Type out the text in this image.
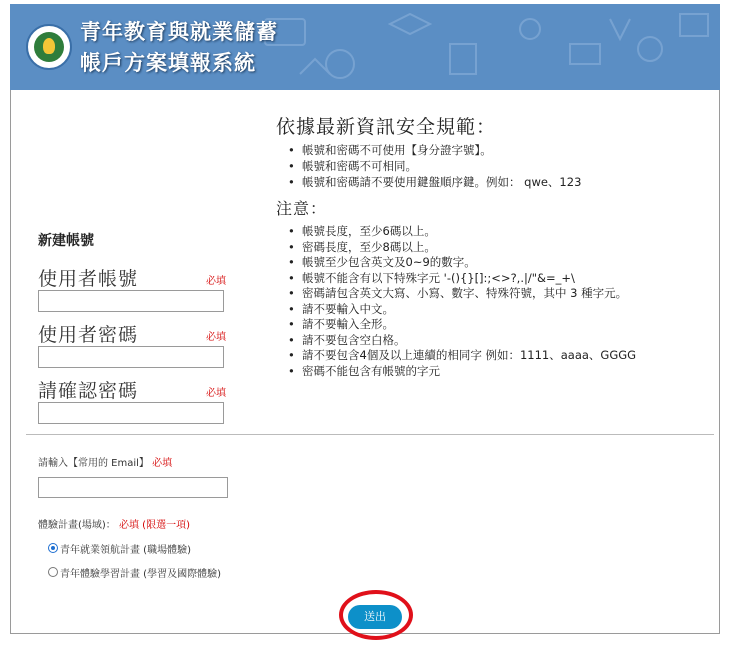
青年教育與就業儲蓄
帳戶方案填報系統
依據最新資訊安全規範：
• 帳號和密碼不可使用【身分證字號】。
• 帳號和密碼不可相同。
• 帳號和密碼請不要使用鍵盤順序鍵。例如： qwe、123
注意：
• 帳號長度，至少6碼以上。
• 密碼長度，至少8碼以上。
• 帳號至少包含英文及0~9的數字。
• 帳號不能含有以下特殊字元 '-(){}[]:;<>?,.|/"&=_+\
• 密碼請包含英文大寫、小寫、數字、特殊符號，其中 3 種字元。
• 請不要輸入中文。
• 請不要輸入全形。
• 請不要包含空白格。
• 請不要包含4個及以上連續的相同字 例如：1111、aaaa、GGGG
• 密碼不能包含有帳號的字元
新建帳號
使用者帳號	必填
使用者密碼	必填
請確認密碼	必填
請輸入【常用的 Email】 必填
體驗計畫(場域)： 必填 (限選一項)
青年就業領航計畫 (職場體驗)
青年體驗學習計畫 (學習及國際體驗)
送出
